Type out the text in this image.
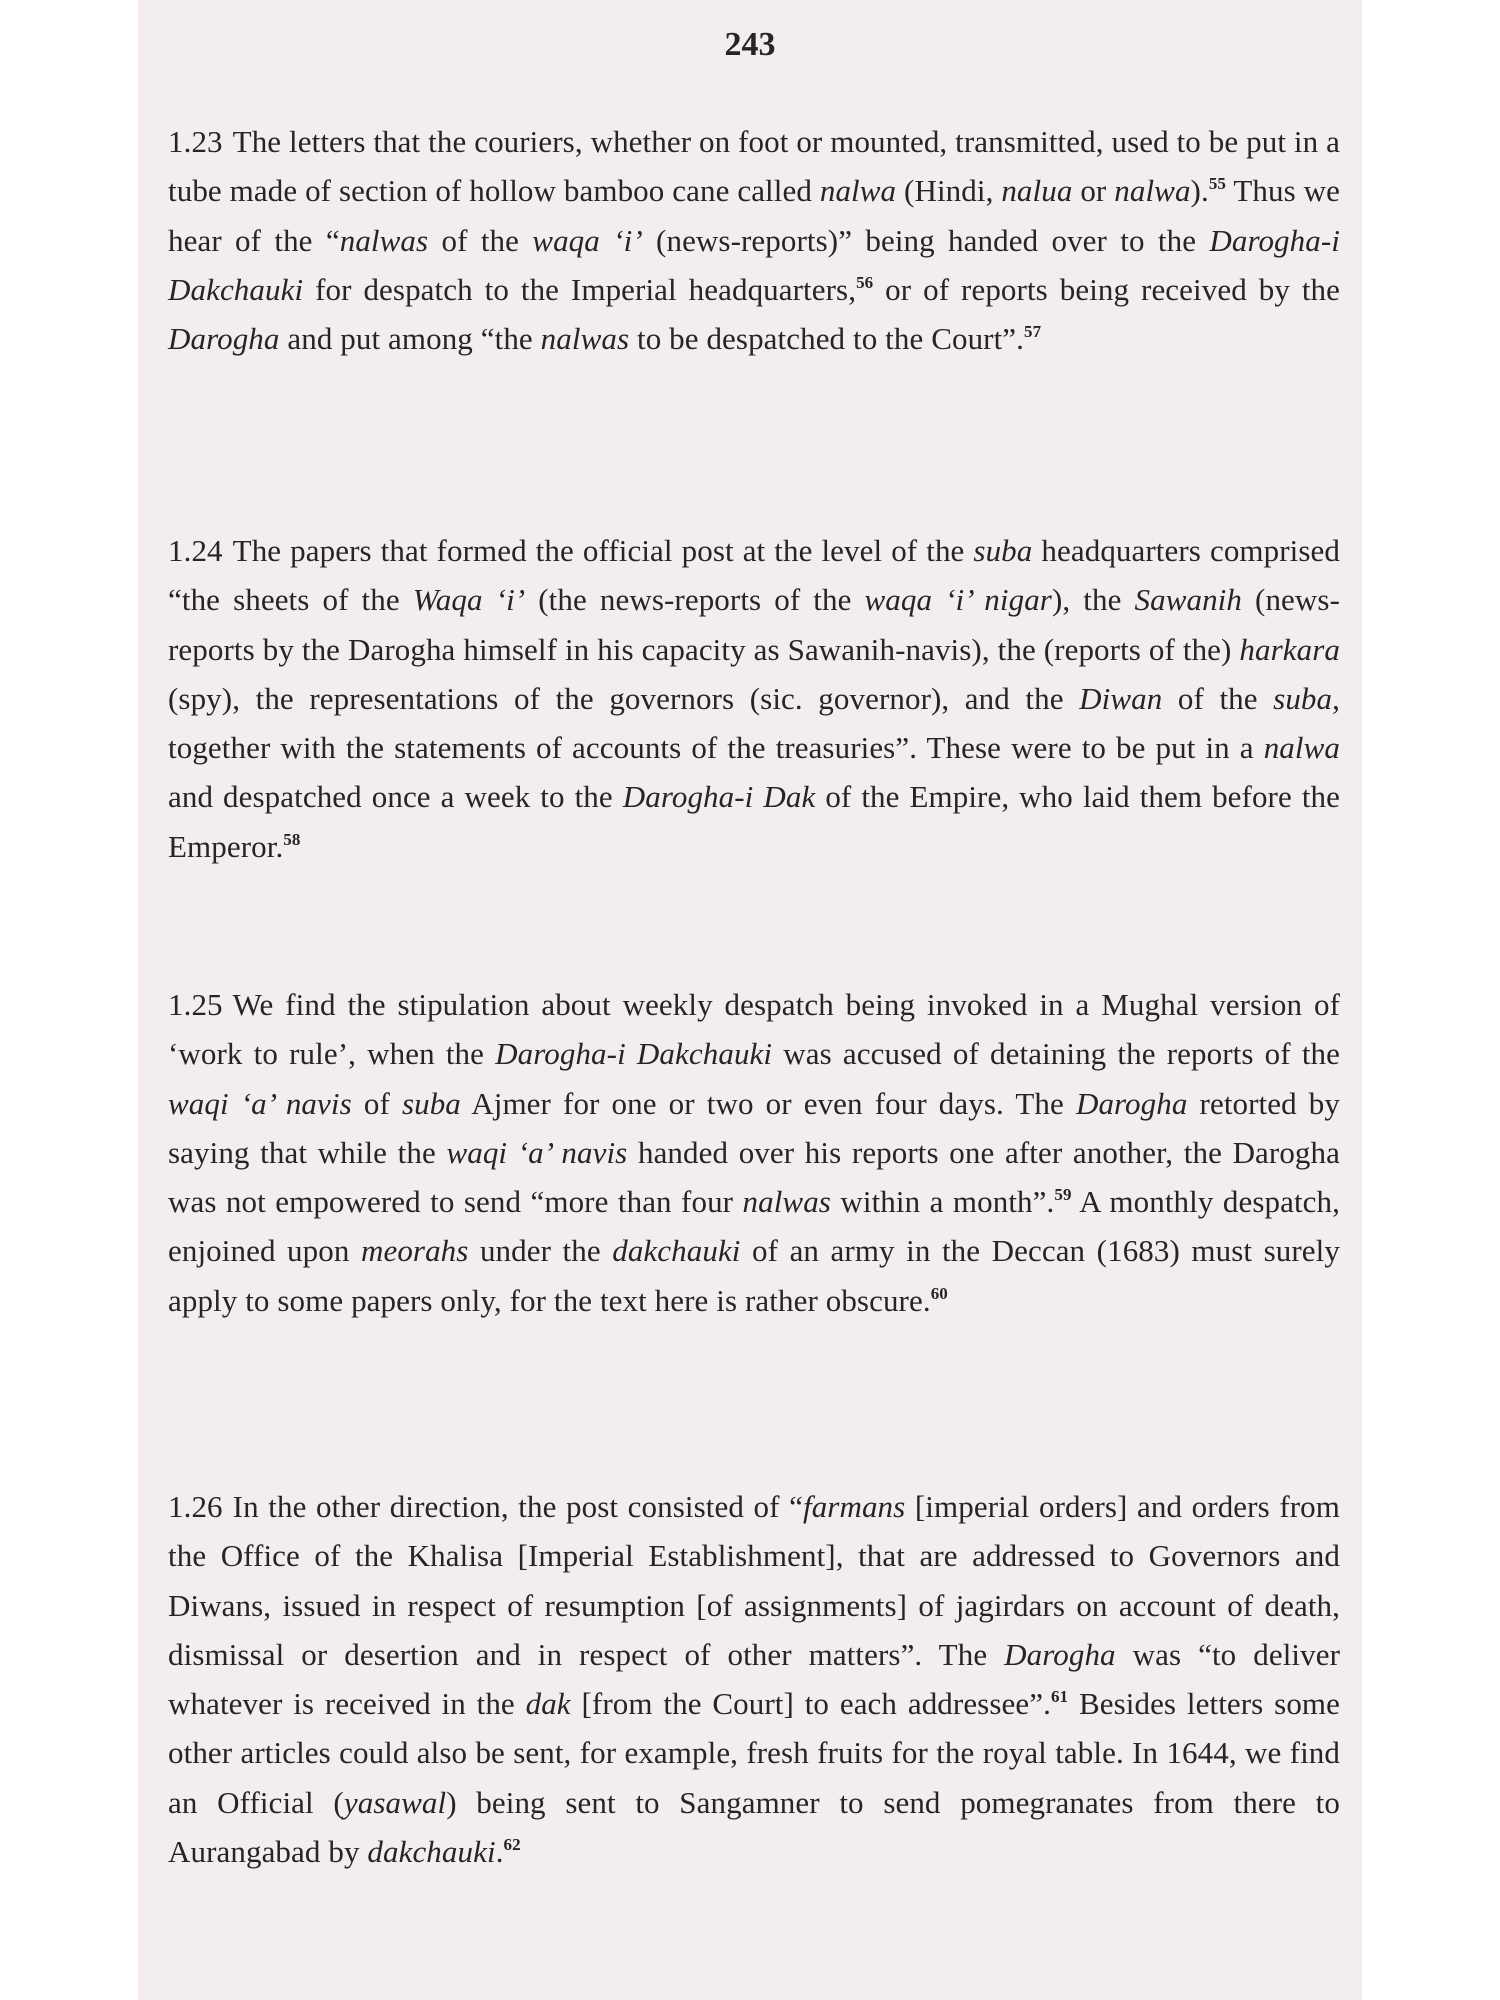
243

1.23 The letters that the couriers, whether on foot or mounted, transmitted, used to be put in a tube made of section of hollow bamboo cane called nalwa (Hindi, nalua or nalwa).$^{55}$ Thus we hear of the “nalwas of the waqa ‘i’ (news-reports)” being handed over to the Darogha-i Dakchauki for despatch to the Imperial headquarters,$^{56}$ or of reports being received by the Darogha and put among “the nalwas to be despatched to the Court”.$^{57}$

1.24 The papers that formed the official post at the level of the suba headquarters comprised “the sheets of the Waqa ‘i’ (the news-reports of the waqa ‘i’ nigar), the Sawanih (news-reports by the Darogha himself in his capacity as Sawanih-navis), the (reports of the) harkara (spy), the representations of the governors (sic. governor), and the Diwan of the suba, together with the statements of accounts of the treasuries”. These were to be put in a nalwa and despatched once a week to the Darogha-i Dak of the Empire, who laid them before the Emperor.$^{58}$

1.25 We find the stipulation about weekly despatch being invoked in a Mughal version of ‘work to rule’, when the Darogha-i Dakchauki was accused of detaining the reports of the waqi ‘a’ navis of suba Ajmer for one or two or even four days. The Darogha retorted by saying that while the waqi ‘a’ navis handed over his reports one after another, the Darogha was not empowered to send “more than four nalwas within a month”.$^{59}$ A monthly despatch, enjoined upon meorahs under the dakchauki of an army in the Deccan (1683) must surely apply to some papers only, for the text here is rather obscure.$^{60}$

1.26 In the other direction, the post consisted of “farmans [imperial orders] and orders from the Office of the Khalisa [Imperial Establishment], that are addressed to Governors and Diwans, issued in respect of resumption [of assignments] of jagirdars on account of death, dismissal or desertion and in respect of other matters”. The Darogha was “to deliver whatever is received in the dak [from the Court] to each addressee”.$^{61}$ Besides letters some other articles could also be sent, for example, fresh fruits for the royal table. In 1644, we find an Official (yasawal) being sent to Sangamner to send pomegranates from there to Aurangabad by dakchauki.$^{62}$
